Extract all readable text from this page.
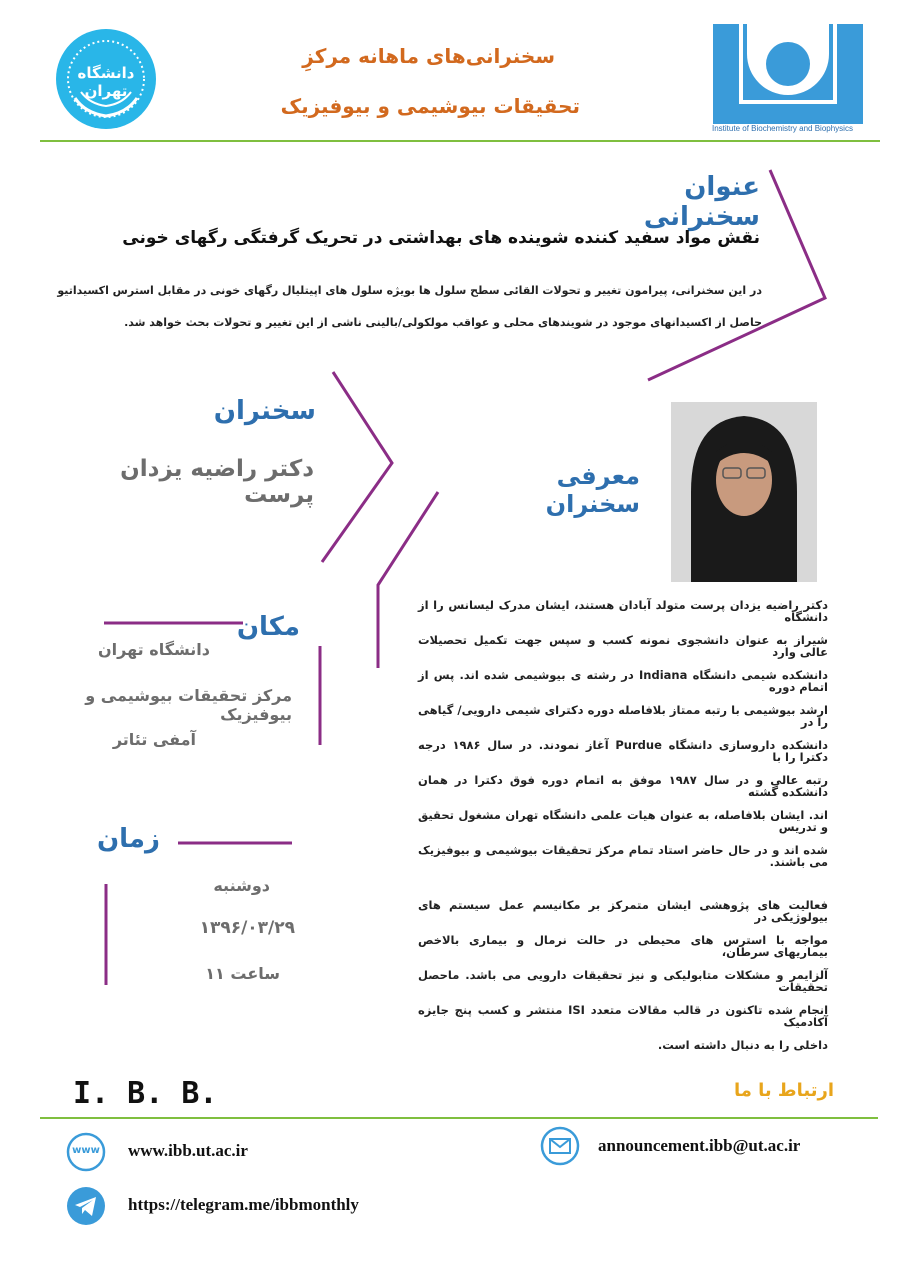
دانشگاه تهران
سخنرانی‌های ماهانه مرکزِ
تحقیقات بیوشیمی و بیوفیزیک
Institute of Biochemistry and Biophysics
عنوان سخنرانی
نقش مواد سفید کننده شوینده های بهداشتی در تحریک گرفتگی رگهای خونی
در این سخنرانی، پیرامون تغییر و تحولات القائی سطح سلول ها بویژه سلول های اپیتلیال رگهای خونی در مقابل استرس اکسیداتیو
حاصل از اکسیدانهای موجود در شویندهای محلی و عواقب مولکولی/بالینی ناشی از این تغییر و تحولات بحث خواهد شد.
سخنران
دکتر راضیه یزدان پرست
معرفی سخنران

دکتر راضیه یزدان پرست متولد آبادان هستند، ایشان مدرک لیسانس را از دانشگاه

شیراز به عنوان دانشجوی نمونه کسب و سپس جهت تکمیل تحصیلات عالی وارد

دانشکده شیمی دانشگاه Indiana در رشته ی بیوشیمی شده اند. پس از اتمام دوره

ارشد بیوشیمی با رتبه ممتاز بلافاصله دوره دکترای شیمی دارویی/ گیاهی را در

دانشکده داروسازی دانشگاه Purdue آغاز نمودند. در سال ۱۹۸۶ درجه دکترا را با

رتبه عالی و در سال ۱۹۸۷ موفق به اتمام دوره فوق دکترا در همان دانشکده گشته

اند. ایشان بلافاصله، به عنوان هیات علمی دانشگاه تهران مشغول تحقیق و تدریس

شده اند و در حال حاضر استاد تمام مرکز تحقیقات بیوشیمی و بیوفیزیک می باشند.

فعالیت های پژوهشی ایشان متمرکز بر مکانیسم عمل سیستم های بیولوژیکی در

مواجه با استرس های محیطی در حالت نرمال و بیماری بالاخص بیماریهای سرطان،

آلزایمر و مشکلات متابولیکی و نیز تحقیقات دارویی می باشد. ماحصل تحقیقات

انجام شده تاکنون در قالب مقالات متعدد ISI منتشر و کسب پنج جایزه آکادمیک

داخلی را به دنبال داشته است.

مکان
دانشگاه تهران
مرکز تحقیقات بیوشیمی و بیوفیزیک
آمفی تئاتر
زمان
دوشنبه
۱۳۹۶/۰۳/۲۹
ساعت ۱۱
I. B. B.	ارتباط با ما
www	www.ibb.ut.ac.ir	announcement.ibb@ut.ac.ir
https://telegram.me/ibbmonthly
